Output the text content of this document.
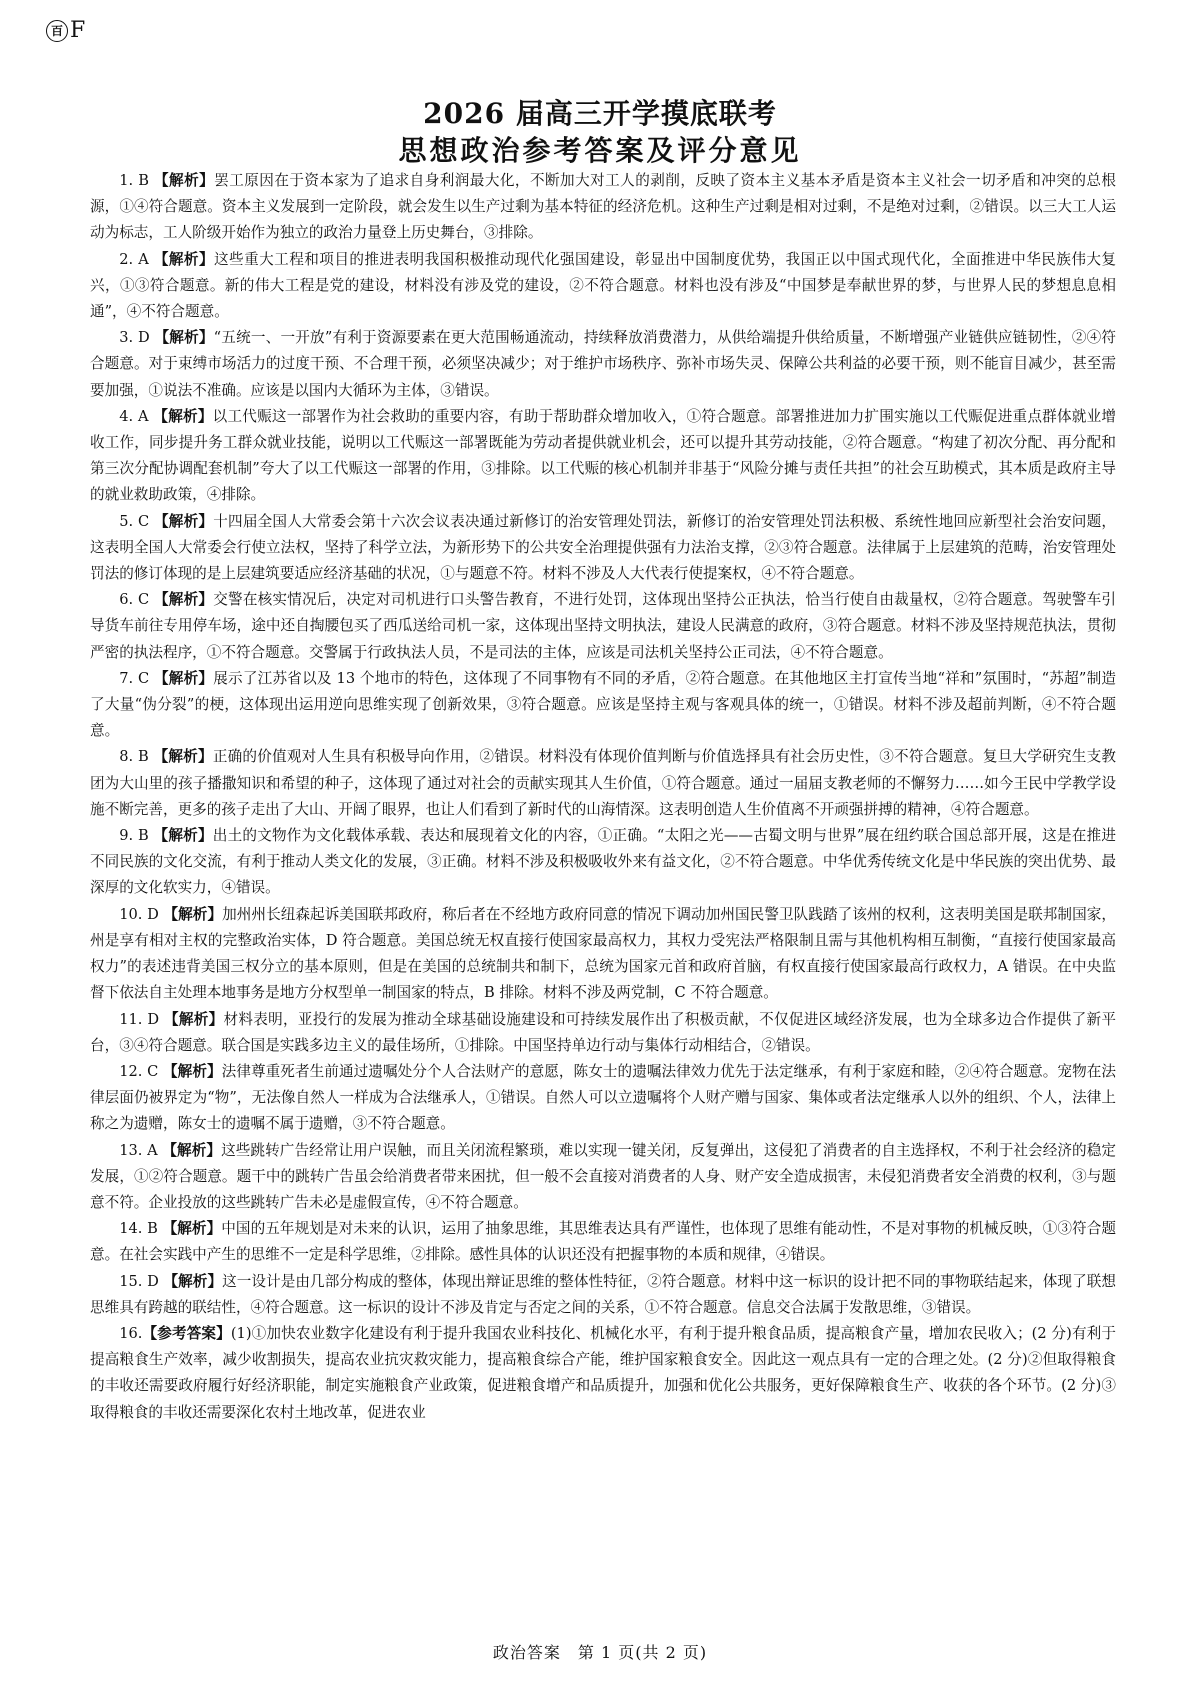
百 F
2026 届高三开学摸底联考
思想政治参考答案及评分意见

1. B 【解析】罢工原因在于资本家为了追求自身利润最大化，不断加大对工人的剥削，反映了资本主义基本矛盾是资本主义社会一切矛盾和冲突的总根源，①④符合题意。资本主义发展到一定阶段，就会发生以生产过剩为基本特征的经济危机。这种生产过剩是相对过剩，不是绝对过剩，②错误。以三大工人运动为标志，工人阶级开始作为独立的政治力量登上历史舞台，③排除。

2. A 【解析】这些重大工程和项目的推进表明我国积极推动现代化强国建设，彰显出中国制度优势，我国正以中国式现代化，全面推进中华民族伟大复兴，①③符合题意。新的伟大工程是党的建设，材料没有涉及党的建设，②不符合题意。材料也没有涉及“中国梦是奉献世界的梦，与世界人民的梦想息息相通”，④不符合题意。

3. D 【解析】“五统一、一开放”有利于资源要素在更大范围畅通流动，持续释放消费潜力，从供给端提升供给质量，不断增强产业链供应链韧性，②④符合题意。对于束缚市场活力的过度干预、不合理干预，必须坚决减少；对于维护市场秩序、弥补市场失灵、保障公共利益的必要干预，则不能盲目减少，甚至需要加强，①说法不准确。应该是以国内大循环为主体，③错误。

4. A 【解析】以工代赈这一部署作为社会救助的重要内容，有助于帮助群众增加收入，①符合题意。部署推进加力扩围实施以工代赈促进重点群体就业增收工作，同步提升务工群众就业技能，说明以工代赈这一部署既能为劳动者提供就业机会，还可以提升其劳动技能，②符合题意。“构建了初次分配、再分配和第三次分配协调配套机制”夸大了以工代赈这一部署的作用，③排除。以工代赈的核心机制并非基于“风险分摊与责任共担”的社会互助模式，其本质是政府主导的就业救助政策，④排除。

5. C 【解析】十四届全国人大常委会第十六次会议表决通过新修订的治安管理处罚法，新修订的治安管理处罚法积极、系统性地回应新型社会治安问题，这表明全国人大常委会行使立法权，坚持了科学立法，为新形势下的公共安全治理提供强有力法治支撑，②③符合题意。法律属于上层建筑的范畴，治安管理处罚法的修订体现的是上层建筑要适应经济基础的状况，①与题意不符。材料不涉及人大代表行使提案权，④不符合题意。

6. C 【解析】交警在核实情况后，决定对司机进行口头警告教育，不进行处罚，这体现出坚持公正执法，恰当行使自由裁量权，②符合题意。驾驶警车引导货车前往专用停车场，途中还自掏腰包买了西瓜送给司机一家，这体现出坚持文明执法，建设人民满意的政府，③符合题意。材料不涉及坚持规范执法，贯彻严密的执法程序，①不符合题意。交警属于行政执法人员，不是司法的主体，应该是司法机关坚持公正司法，④不符合题意。

7. C 【解析】展示了江苏省以及 13 个地市的特色，这体现了不同事物有不同的矛盾，②符合题意。在其他地区主打宣传当地“祥和”氛围时，“苏超”制造了大量“伪分裂”的梗，这体现出运用逆向思维实现了创新效果，③符合题意。应该是坚持主观与客观具体的统一，①错误。材料不涉及超前判断，④不符合题意。

8. B 【解析】正确的价值观对人生具有积极导向作用，②错误。材料没有体现价值判断与价值选择具有社会历史性，③不符合题意。复旦大学研究生支教团为大山里的孩子播撒知识和希望的种子，这体现了通过对社会的贡献实现其人生价值，①符合题意。通过一届届支教老师的不懈努力……如今王民中学教学设施不断完善，更多的孩子走出了大山、开阔了眼界，也让人们看到了新时代的山海情深。这表明创造人生价值离不开顽强拼搏的精神，④符合题意。

9. B 【解析】出土的文物作为文化载体承载、表达和展现着文化的内容，①正确。“太阳之光——古蜀文明与世界”展在纽约联合国总部开展，这是在推进不同民族的文化交流，有利于推动人类文化的发展，③正确。材料不涉及积极吸收外来有益文化，②不符合题意。中华优秀传统文化是中华民族的突出优势、最深厚的文化软实力，④错误。

10. D 【解析】加州州长纽森起诉美国联邦政府，称后者在不经地方政府同意的情况下调动加州国民警卫队践踏了该州的权利，这表明美国是联邦制国家，州是享有相对主权的完整政治实体，D 符合题意。美国总统无权直接行使国家最高权力，其权力受宪法严格限制且需与其他机构相互制衡，“直接行使国家最高权力”的表述违背美国三权分立的基本原则，但是在美国的总统制共和制下，总统为国家元首和政府首脑，有权直接行使国家最高行政权力，A 错误。在中央监督下依法自主处理本地事务是地方分权型单一制国家的特点，B 排除。材料不涉及两党制，C 不符合题意。

11. D 【解析】材料表明，亚投行的发展为推动全球基础设施建设和可持续发展作出了积极贡献，不仅促进区域经济发展，也为全球多边合作提供了新平台，③④符合题意。联合国是实践多边主义的最佳场所，①排除。中国坚持单边行动与集体行动相结合，②错误。

12. C 【解析】法律尊重死者生前通过遗嘱处分个人合法财产的意愿，陈女士的遗嘱法律效力优先于法定继承，有利于家庭和睦，②④符合题意。宠物在法律层面仍被界定为“物”，无法像自然人一样成为合法继承人，①错误。自然人可以立遗嘱将个人财产赠与国家、集体或者法定继承人以外的组织、个人，法律上称之为遗赠，陈女士的遗嘱不属于遗赠，③不符合题意。

13. A 【解析】这些跳转广告经常让用户误触，而且关闭流程繁琐，难以实现一键关闭，反复弹出，这侵犯了消费者的自主选择权，不利于社会经济的稳定发展，①②符合题意。题干中的跳转广告虽会给消费者带来困扰，但一般不会直接对消费者的人身、财产安全造成损害，未侵犯消费者安全消费的权利，③与题意不符。企业投放的这些跳转广告未必是虚假宣传，④不符合题意。

14. B 【解析】中国的五年规划是对未来的认识，运用了抽象思维，其思维表达具有严谨性，也体现了思维有能动性，不是对事物的机械反映，①③符合题意。在社会实践中产生的思维不一定是科学思维，②排除。感性具体的认识还没有把握事物的本质和规律，④错误。

15. D 【解析】这一设计是由几部分构成的整体，体现出辩证思维的整体性特征，②符合题意。材料中这一标识的设计把不同的事物联结起来，体现了联想思维具有跨越的联结性，④符合题意。这一标识的设计不涉及肯定与否定之间的关系，①不符合题意。信息交合法属于发散思维，③错误。

16.【参考答案】(1)①加快农业数字化建设有利于提升我国农业科技化、机械化水平，有利于提升粮食品质，提高粮食产量，增加农民收入；(2 分)有利于提高粮食生产效率，减少收割损失，提高农业抗灾救灾能力，提高粮食综合产能，维护国家粮食安全。因此这一观点具有一定的合理之处。(2 分)②但取得粮食的丰收还需要政府履行好经济职能，制定实施粮食产业政策，促进粮食增产和品质提升，加强和优化公共服务，更好保障粮食生产、收获的各个环节。(2 分)③取得粮食的丰收还需要深化农村土地改革，促进农业

政治答案　第 1 页(共 2 页)
